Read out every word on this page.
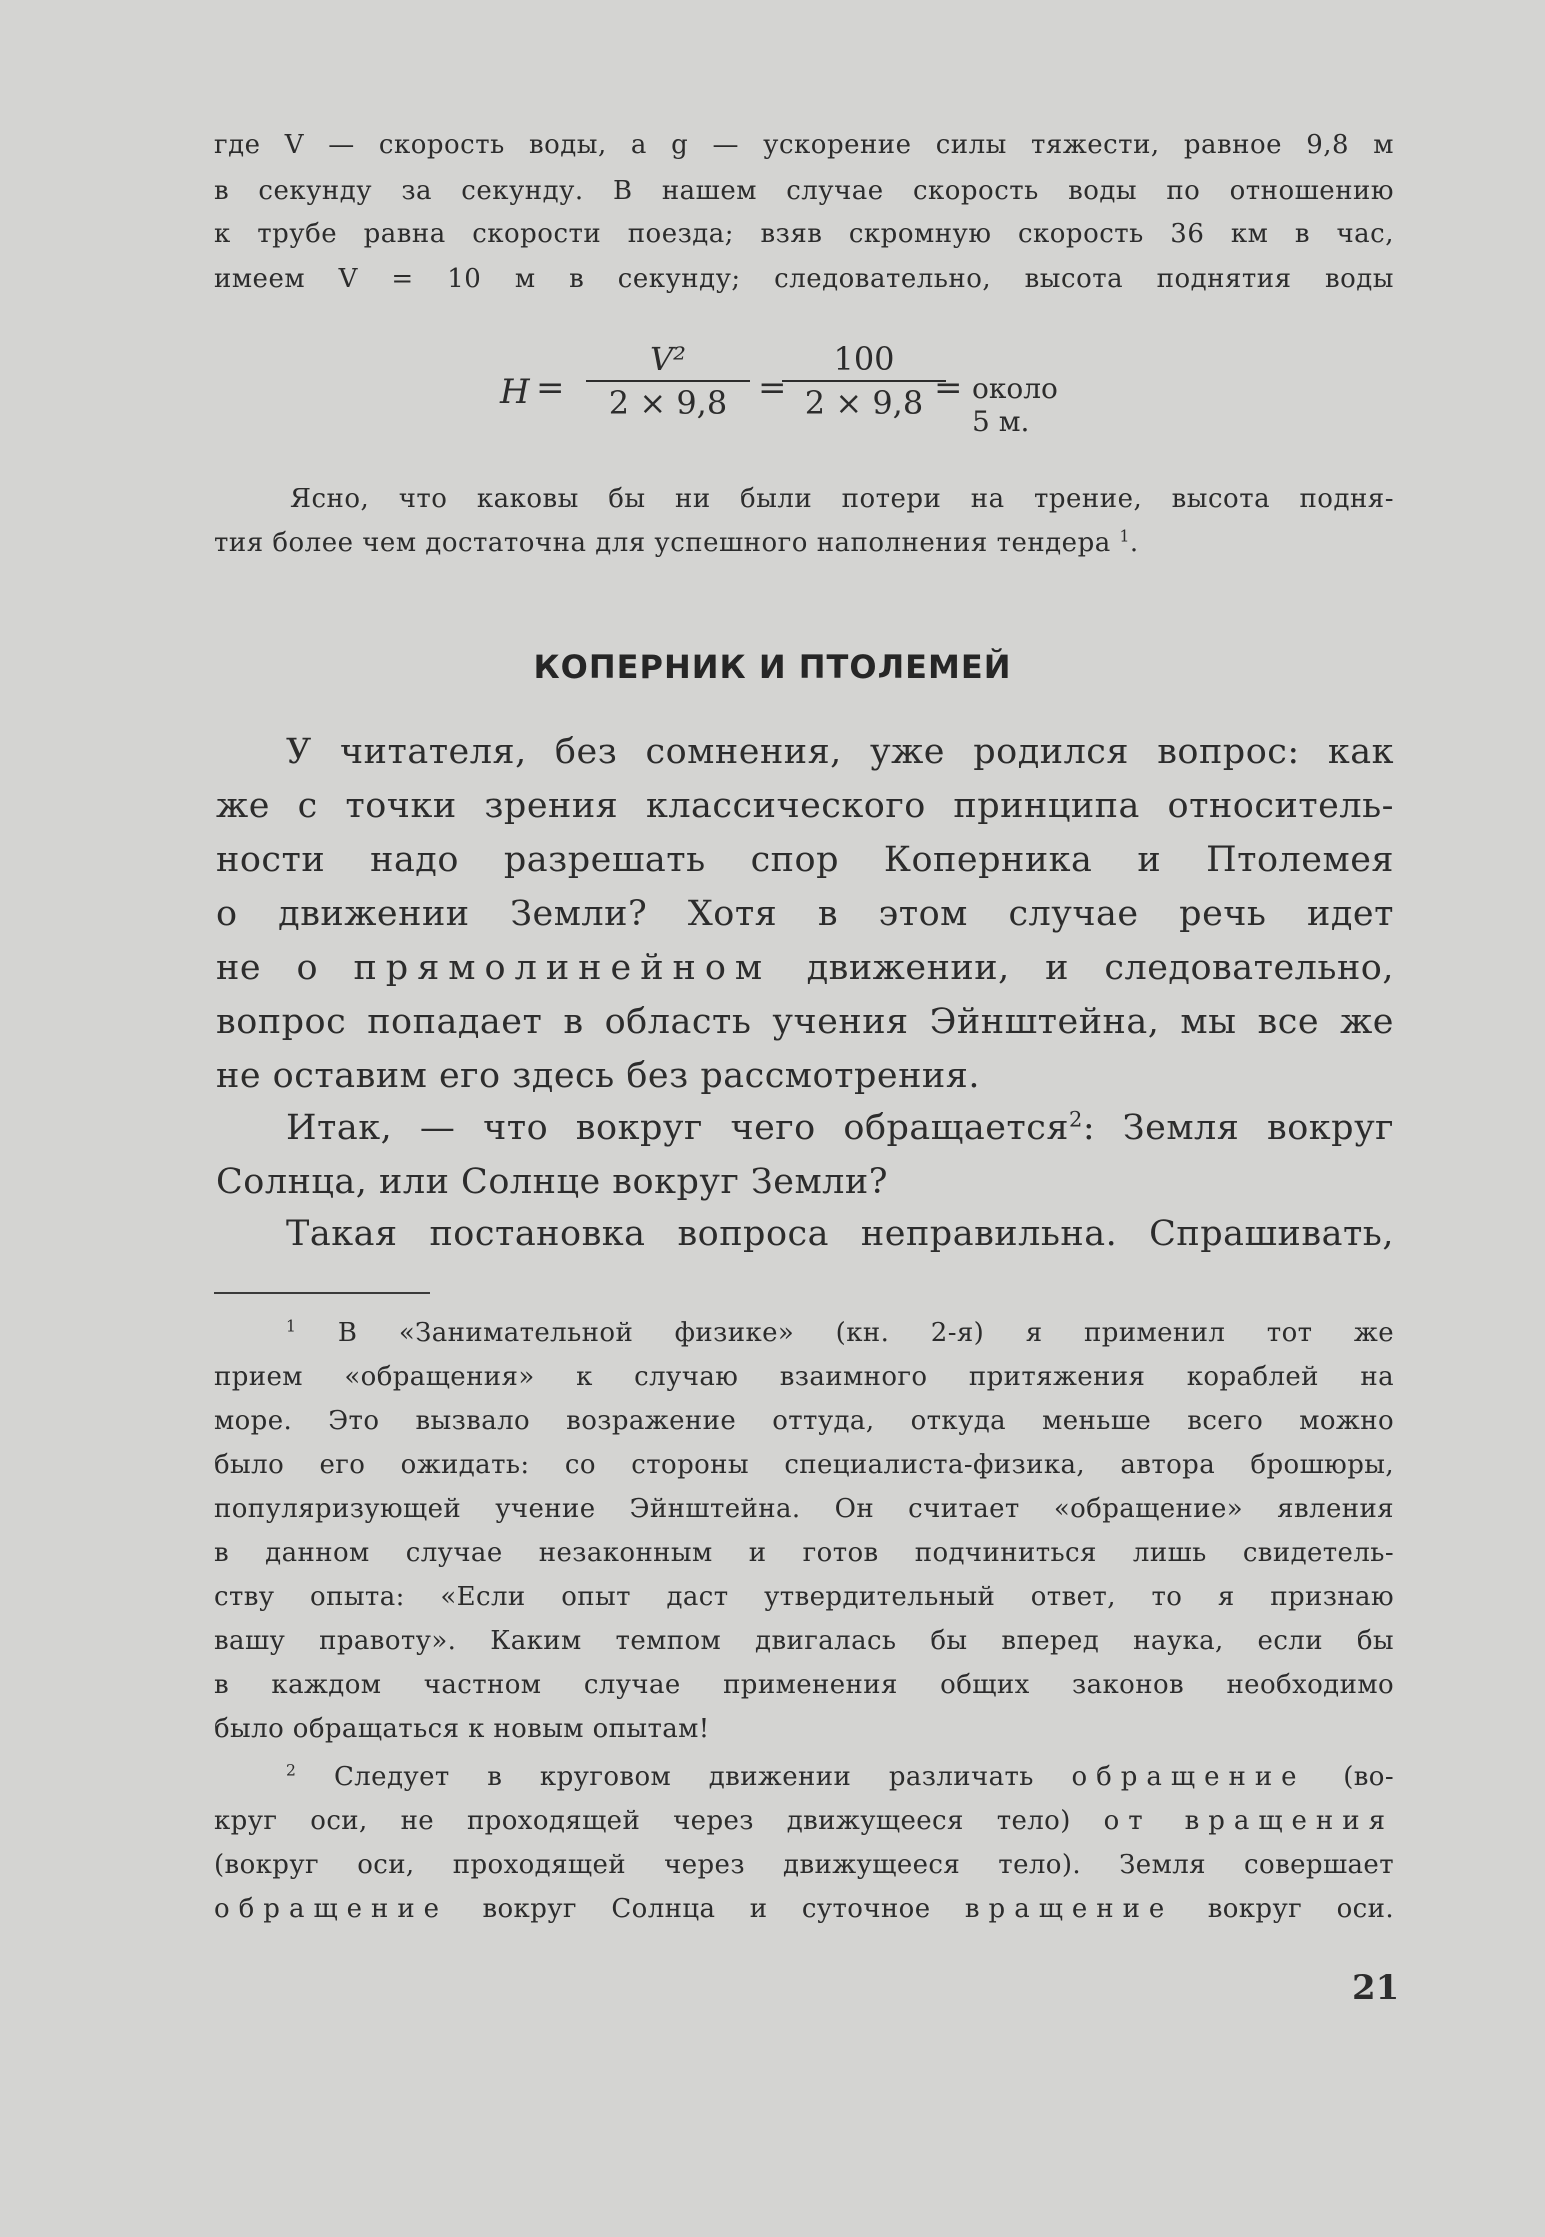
где V — скорость воды, а g — ускорение силы тяжести, равное 9,8 м
в секунду за секунду. В нашем случае скорость воды по отношению
к трубе равна скорости поезда; взяв скромную скорость 36 км в час,
имеем V = 10 м в секунду; следовательно, высота поднятия воды
H =
V²
2 × 9,8 =
100
2 × 9,8 = около 5 м.
Ясно, что каковы бы ни были потери на трение, высота подня-
тия более чем достаточна для успешного наполнения тендера $^1$.
КОПЕРНИК И ПТОЛЕМЕЙ
У читателя, без сомнения, уже родился вопрос: как
же с точки зрения классического принципа относитель-
ности надо разрешать спор Коперника и Птолемея
о движении Земли? Хотя в этом случае речь идет
не о прямолинейном движении, и следовательно,
вопрос попадает в область учения Эйнштейна, мы все же
не оставим его здесь без рассмотрения.
Итак, — что вокруг чего обращается$^2$: Земля вокруг
Солнца, или Солнце вокруг Земли?
Такая постановка вопроса неправильна. Спрашивать,
$^1$ В «Занимательной физике» (кн. 2-я) я применил тот же
прием «обращения» к случаю взаимного притяжения кораблей на
море. Это вызвало возражение оттуда, откуда меньше всего можно
было его ожидать: со стороны специалиста-физика, автора брошюры,
популяризующей учение Эйнштейна. Он считает «обращение» явления
в данном случае незаконным и готов подчиниться лишь свидетель-
ству опыта: «Если опыт даст утвердительный ответ, то я признаю
вашу правоту». Каким темпом двигалась бы вперед наука, если бы
в каждом частном случае применения общих законов необходимо
было обращаться к новым опытам!
$^2$ Следует в круговом движении различать обращение (во-
круг оси, не проходящей через движущееся тело) от вращения
(вокруг оси, проходящей через движущееся тело). Земля совершает
обращение вокруг Солнца и суточное вращение вокруг оси.
21
